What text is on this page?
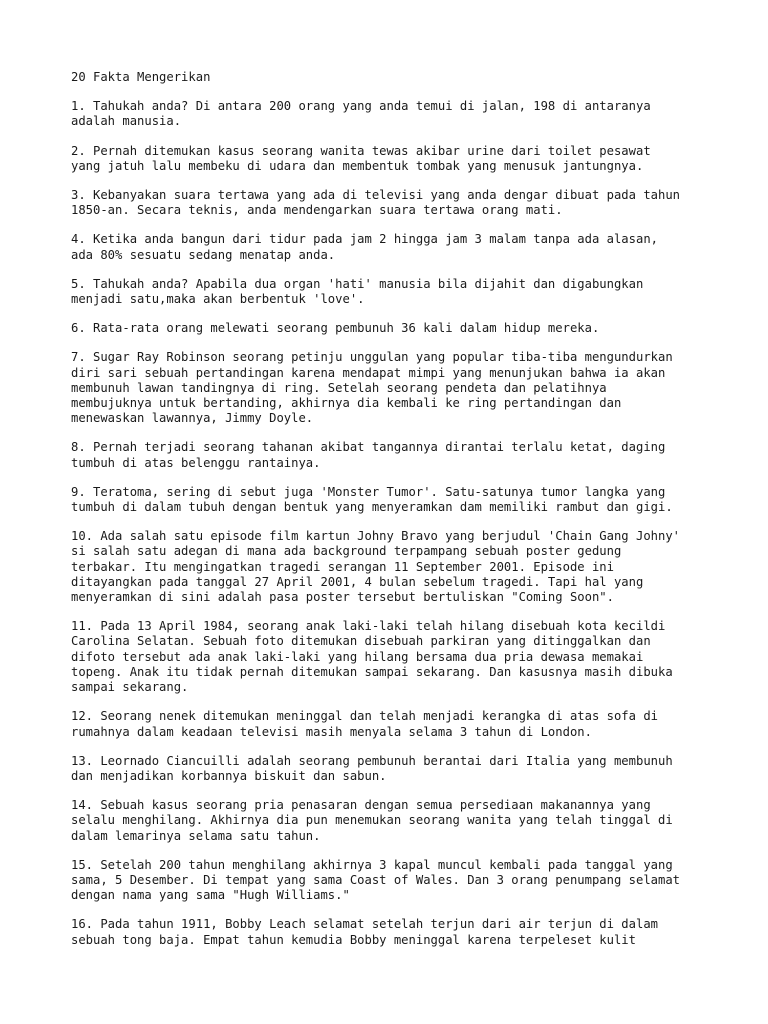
20 Fakta Mengerikan

1. Tahukah anda? Di antara 200 orang yang anda temui di jalan, 198 di antaranya
adalah manusia.

2. Pernah ditemukan kasus seorang wanita tewas akibar urine dari toilet pesawat
yang jatuh lalu membeku di udara dan membentuk tombak yang menusuk jantungnya.

3. Kebanyakan suara tertawa yang ada di televisi yang anda dengar dibuat pada tahun
1850-an. Secara teknis, anda mendengarkan suara tertawa orang mati.

4. Ketika anda bangun dari tidur pada jam 2 hingga jam 3 malam tanpa ada alasan,
ada 80% sesuatu sedang menatap anda.

5. Tahukah anda? Apabila dua organ 'hati' manusia bila dijahit dan digabungkan
menjadi satu,maka akan berbentuk 'love'.

6. Rata-rata orang melewati seorang pembunuh 36 kali dalam hidup mereka.

7. Sugar Ray Robinson seorang petinju unggulan yang popular tiba-tiba mengundurkan
diri sari sebuah pertandingan karena mendapat mimpi yang menunjukan bahwa ia akan
membunuh lawan tandingnya di ring. Setelah seorang pendeta dan pelatihnya
membujuknya untuk bertanding, akhirnya dia kembali ke ring pertandingan dan
menewaskan lawannya, Jimmy Doyle.

8. Pernah terjadi seorang tahanan akibat tangannya dirantai terlalu ketat, daging
tumbuh di atas belenggu rantainya.

9. Teratoma, sering di sebut juga 'Monster Tumor'. Satu-satunya tumor langka yang
tumbuh di dalam tubuh dengan bentuk yang menyeramkan dam memiliki rambut dan gigi.

10. Ada salah satu episode film kartun Johny Bravo yang berjudul 'Chain Gang Johny'
si salah satu adegan di mana ada background terpampang sebuah poster gedung
terbakar. Itu mengingatkan tragedi serangan 11 September 2001. Episode ini
ditayangkan pada tanggal 27 April 2001, 4 bulan sebelum tragedi. Tapi hal yang
menyeramkan di sini adalah pasa poster tersebut bertuliskan "Coming Soon".

11. Pada 13 April 1984, seorang anak laki-laki telah hilang disebuah kota kecildi
Carolina Selatan. Sebuah foto ditemukan disebuah parkiran yang ditinggalkan dan
difoto tersebut ada anak laki-laki yang hilang bersama dua pria dewasa memakai
topeng. Anak itu tidak pernah ditemukan sampai sekarang. Dan kasusnya masih dibuka
sampai sekarang.

12. Seorang nenek ditemukan meninggal dan telah menjadi kerangka di atas sofa di
rumahnya dalam keadaan televisi masih menyala selama 3 tahun di London.

13. Leornado Ciancuilli adalah seorang pembunuh berantai dari Italia yang membunuh
dan menjadikan korbannya biskuit dan sabun.

14. Sebuah kasus seorang pria penasaran dengan semua persediaan makanannya yang
selalu menghilang. Akhirnya dia pun menemukan seorang wanita yang telah tinggal di
dalam lemarinya selama satu tahun.

15. Setelah 200 tahun menghilang akhirnya 3 kapal muncul kembali pada tanggal yang
sama, 5 Desember. Di tempat yang sama Coast of Wales. Dan 3 orang penumpang selamat
dengan nama yang sama "Hugh Williams."

16. Pada tahun 1911, Bobby Leach selamat setelah terjun dari air terjun di dalam
sebuah tong baja. Empat tahun kemudia Bobby meninggal karena terpeleset kulit
